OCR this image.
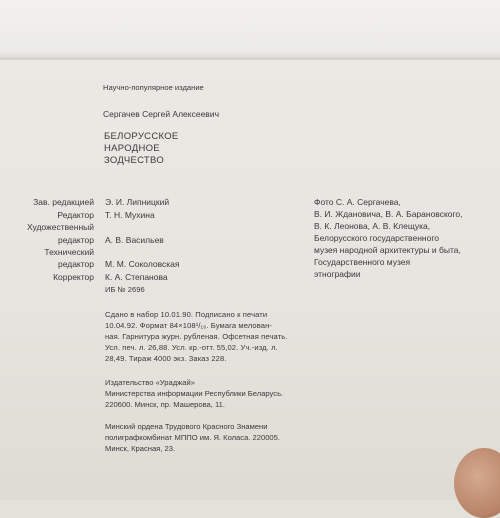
Научно-популярное издание
Сергачев Сергей Алексеевич
БЕЛОРУССКОЕ
НАРОДНОЕ
ЗОДЧЕСТВО
Зав. редакцией
Редактор
Художественный
редактор
Технический
редактор
Корректор
Э. И. Липницкий
Т. Н. Мухина
А. В. Васильев
М. М. Соколовская
К. А. Степанова
Фото С. А. Сергачева,
В. И. Ждановича, В. А. Барановского,
В. К. Леонова, А. В. Клещука,
Белорусского государственного
музея народной архитектуры и быта,
Государственного музея
этнографии
ИБ № 2696
Сдано в набор 10.01.90. Подписано к печати
10.04.92. Формат 84×108¹/₁₆. Бумага мелован-
ная. Гарнитура журн. рубленая. Офсетная печать.
Усл. печ. л. 26,88. Усл. кр.-отт. 55,02. Уч.-изд. л.
28,49. Тираж 4000 экз. Заказ 228.
Издательство «Ураджай»
Министерства информации Республики Беларусь.
220600. Минск, пр. Машерова, 11.
Минский ордена Трудового Красного Знамени
полиграфкомбинат МППО им. Я. Коласа. 220005.
Минск, Красная, 23.
